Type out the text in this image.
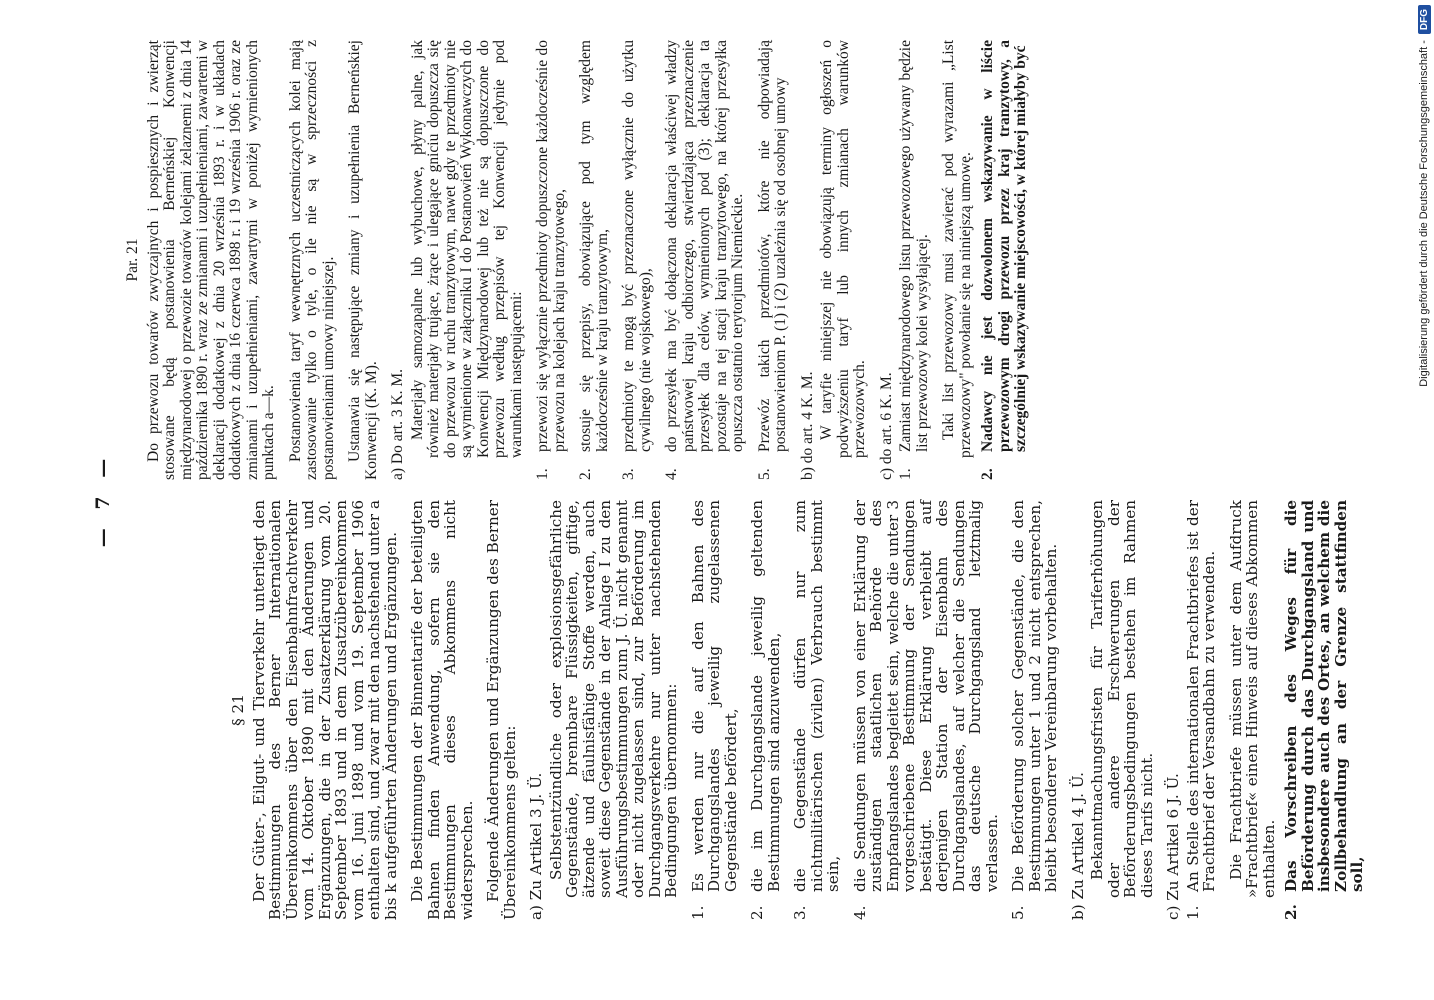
— 7 —
§ 21 Der Güter-, Eilgut- und Tierverkehr unterliegt den Bestimmungen des Berner Internationalen Übereinkommens über den Eisenbahnfrachtverkehr vom 14. Oktober 1890 mit den Änderungen und Ergänzungen, die in der Zusatzerklärung vom 20. September 1893 und in dem Zusatzübereinkommen vom 16. Juni 1898 und vom 19. September 1906 enthalten sind, und zwar mit den nachstehend unter a bis k aufgeführten Änderungen und Ergänzungen. Die Bestimmungen der Binnentarife der beteiligten Bahnen finden Anwendung, sofern sie den Bestimmungen dieses Abkommens nicht widersprechen. Folgende Änderungen und Ergänzungen des Berner Übereinkommens gelten: a) Zu Artikel 3 J. Ü. Selbstentzündliche oder explosionsgefährliche Gegenstände, brennbare Flüssigkeiten, giftige, ätzende und fäulnisfähige Stoffe werden, auch soweit diese Gegenstände in der Anlage I zu den Ausführungsbestimmungen zum J. Ü. nicht genannt oder nicht zugelassen sind, zur Beförderung im Durchgangsverkehre nur unter nachstehenden Bedingungen übernommen:
1.
Es werden nur die auf den Bahnen des Durchgangslandes jeweilig zugelassenen Gegenstände befördert,
2.
die im Durchgangslande jeweilig geltenden Bestimmungen sind anzuwenden,
3.
die Gegenstände dürfen nur zum nichtmilitärischen (zivilen) Verbrauch bestimmt sein,
4.
die Sendungen müssen von einer Erklärung der zuständigen staatlichen Behörde des Empfangslandes begleitet sein, welche die unter 3 vorgeschriebene Bestimmung der Sendungen bestätigt. Diese Erklärung verbleibt auf derjenigen Station der Eisenbahn des Durchgangslandes, auf welcher die Sendungen das deutsche Durchgangsland letztmalig verlassen.
5.
Die Beförderung solcher Gegenstände, die den Bestimmungen unter 1 und 2 nicht entsprechen, bleibt besonderer Vereinbarung vorbehalten. b) Zu Artikel 4 J. Ü. Bekanntmachungsfristen für Tariferhöhungen oder andere Erschwerungen der Beförderungsbedingungen bestehen im Rahmen dieses Tarifs nicht. c) Zu Artikel 6 J. Ü. 1.
An Stelle des internationalen Frachtbriefes ist der Frachtbrief der Versandbahn zu verwenden. Die Frachtbriefe müssen unter dem Aufdruck »Frachtbrief« einen Hinweis auf dieses Abkommen enthalten.
2.
Das Vorschreiben des Weges für die Beförderung durch das Durchgangsland und insbesondere auch des Ortes, an welchem die Zollbehandlung an der Grenze stattfinden soll,
Par. 21 Do przewozu towarów zwyczajnych i pospiesznych i zwierząt stosowane będą postanowienia Berneńskiej Konwencji międzynarodowej o przewozie towarów kolejami żelaznemi z dnia 14 października 1890 r. wraz ze zmianami i uzupełnieniami, zawartemi w deklaracji dodatkowej z dnia 20 września 1893 r. i w układach dodatkowych z dnia 16 czerwca 1898 r. i 19 września 1906 r. oraz ze zmianami i uzupełnieniami, zawartymi w poniżej wymienionych punktach a—k. Postanowienia taryf wewnętrznych uczestniczących kolei mają zastosowanie tylko o tyle, o ile nie są w sprzeczności z postanowieniami umowy niniejszej. Ustanawia się następujące zmiany i uzupełnienia Berneńskiej Konwencji (K. M). a) Do art. 3 K. M. Materjały samozapalne lub wybuchowe, płyny palne, jak również materjały trujące, żrące i ulegające gniciu dopuszcza się do przewozu w ruchu tranzytowym, nawet gdy te przedmioty nie są wymienione w załączniku I do Postanowień Wykonawczych do Konwencji Międzynarodowej lub też nie są dopuszczone do przewozu według przepisów tej Konwencji jedynie pod warunkami następującemi:
1.
przewozi się wyłącznie przedmioty dopuszczone każdocześnie do przewozu na kolejach kraju tranzytowego,
2.
stosuje się przepisy, obowiązujące pod tym względem każdocześnie w kraju tranzytowym,
3.
przedmioty te mogą być przeznaczone wyłącznie do użytku cywilnego (nie wojskowego),
4.
do przesyłek ma być dołączona deklaracja właściwej władzy państwowej kraju odbiorczego, stwierdzająca przeznaczenie przesyłek dla celów, wymienionych pod (3); deklaracja ta pozostaje na tej stacji kraju tranzytowego, na której przesyłka opuszcza ostatnio terytorjum Niemieckie.
5.
Przewóz takich przedmiotów, które nie odpowiadają postanowieniom P. (1) i (2) uzależnia się od osobnej umowy b) do art. 4 K. M. W taryfie niniejszej nie obowiązują terminy ogłoszeń o podwyższeniu taryf lub innych zmianach warunków przewozowych. c) do art. 6 K. M. 1.
Zamiast międzynarodowego listu przewozowego używany będzie list przewozowy kolei wysyłającej. Taki list przewozowy musi zawierać pod wyrazami „List przewozowy" powołanie się na niniejszą umowę.
2.
Nadawcy nie jest dozwolonem wskazywanie w liście przewozowym drogi przewozu przez kraj tranzytowy, a szczególniej wskazywanie miejscowości, w której miałyby być	Digitalisierung gefördert durch die Deutsche Forschungsgemeinschaft -
DFG
